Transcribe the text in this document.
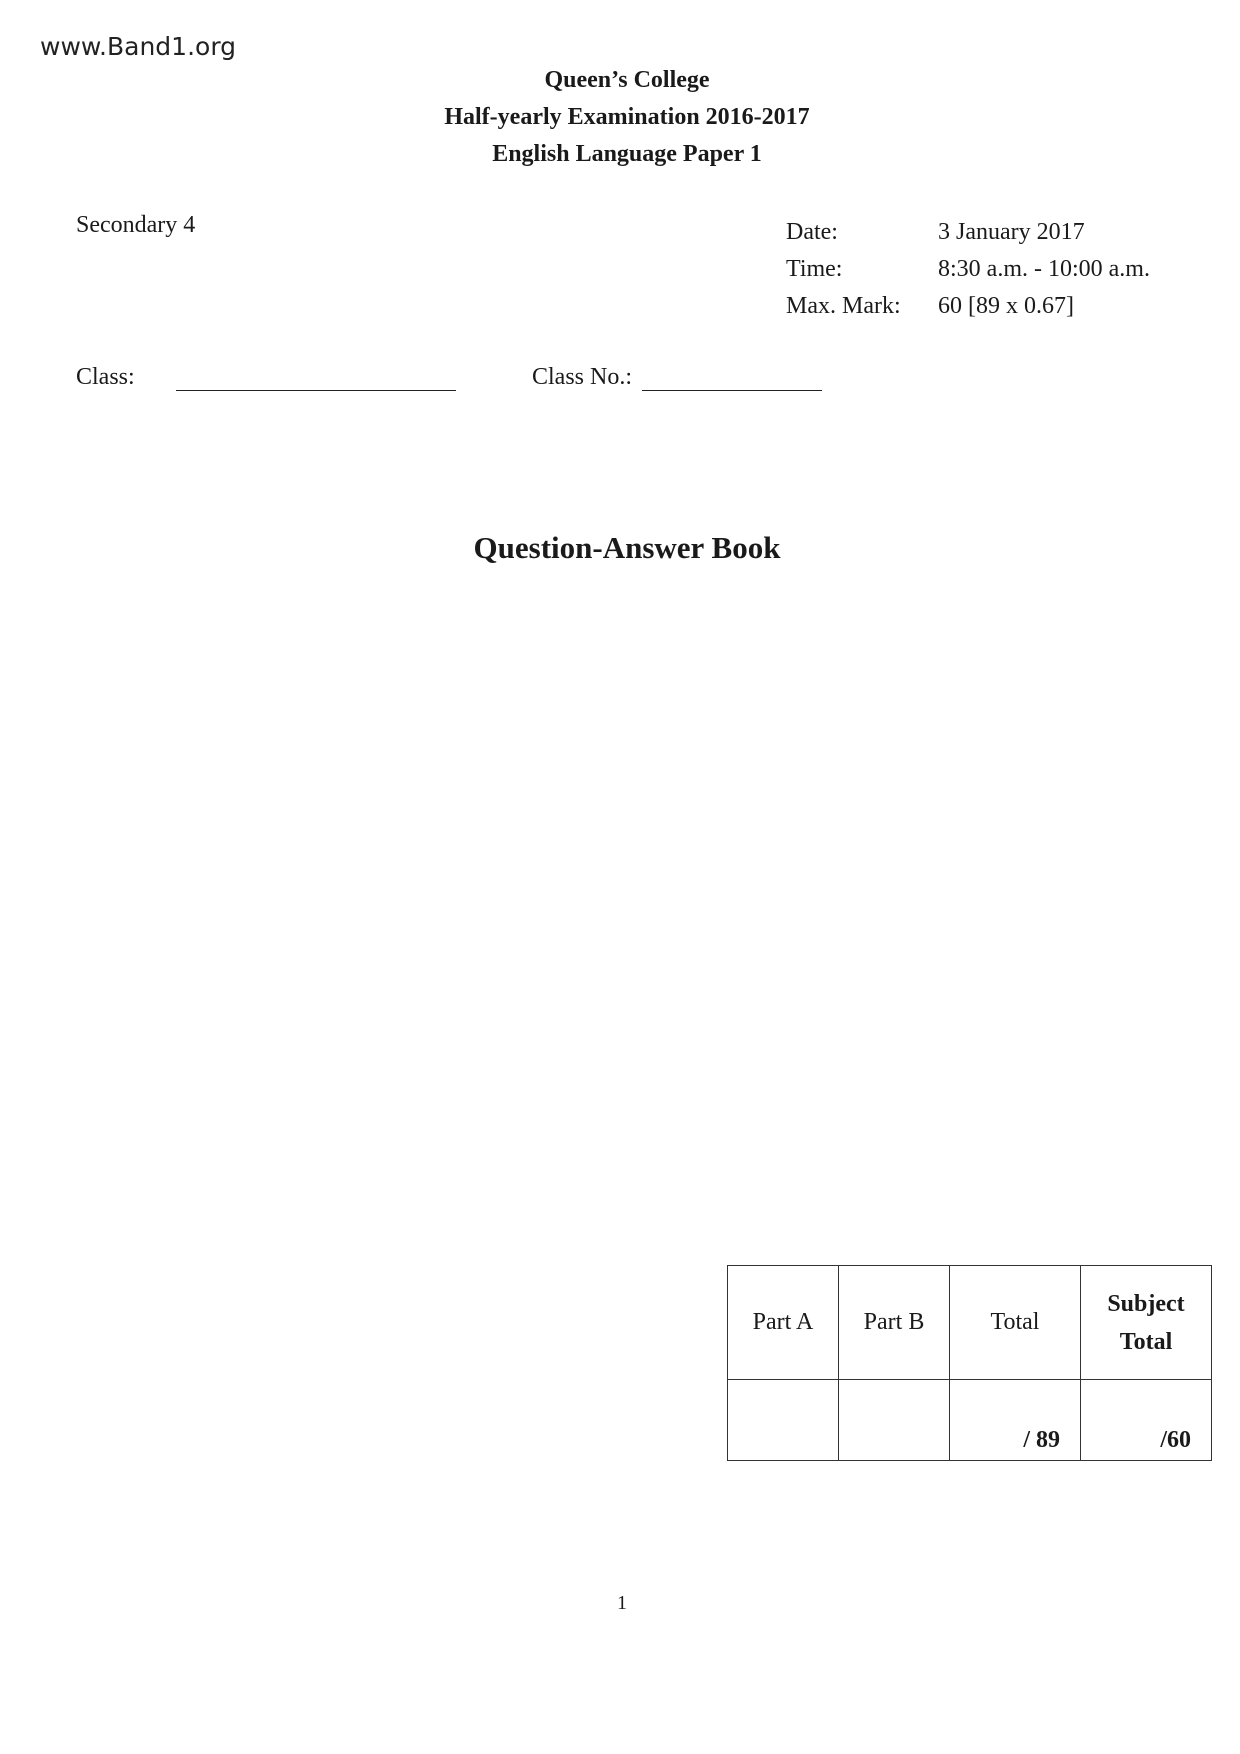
www.Band1.org
Queen’s College
Half-yearly Examination 2016-2017
English Language Paper 1
Secondary 4	Date:	3 January 2017
Time:	8:30 a.m. - 10:00 a.m.
Max. Mark:	60 [89 x 0.67]
Class:	Class No.:
Question-Answer Book
Part A	Part B	Total	Subject
Total

		/ 89	/60
1
